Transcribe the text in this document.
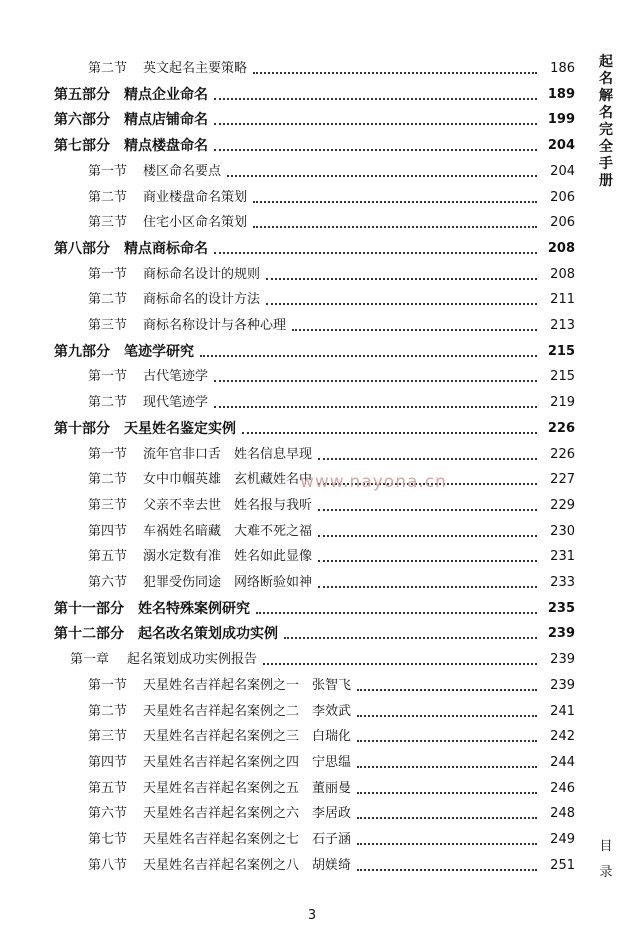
第二节	英文起名主要策略	186
第五部分	精点企业命名	189
第六部分	精点店铺命名	199
第七部分	精点楼盘命名	204
第一节	楼区命名要点	204
第二节	商业楼盘命名策划	206
第三节	住宅小区命名策划	206
第八部分	精点商标命名	208
第一节	商标命名设计的规则	208
第二节	商标命名的设计方法	211
第三节	商标名称设计与各种心理	213
第九部分	笔迹学研究	215
第一节	古代笔迹学	215
第二节	现代笔迹学	219
第十部分	天星姓名鉴定实例	226
第一节	流年官非口舌　姓名信息早现	226
第二节	女中巾帼英雄　玄机藏姓名中	227
第三节	父亲不幸去世　姓名报与我听	229
第四节	车祸姓名暗藏　大难不死之福	230
第五节	溺水定数有准　姓名如此显像	231
第六节	犯罪受伤同途　网络断验如神	233
第十一部分	姓名特殊案例研究	235
第十二部分	起名改名策划成功实例	239
第一章	起名策划成功实例报告	239
第一节	天星姓名吉祥起名案例之一　张智飞	239
第二节	天星姓名吉祥起名案例之二　李效武	241
第三节	天星姓名吉祥起名案例之三　白瑞化	242
第四节	天星姓名吉祥起名案例之四　宁思缊	244
第五节	天星姓名吉祥起名案例之五　董丽曼	246
第六节	天星姓名吉祥起名案例之六　李居政	248
第七节	天星姓名吉祥起名案例之七　石子涵	249
第八节	天星姓名吉祥起名案例之八　胡媄绮	251
起
名
解
名
完
全
手
册
目
录
www.nayona.cn
3
